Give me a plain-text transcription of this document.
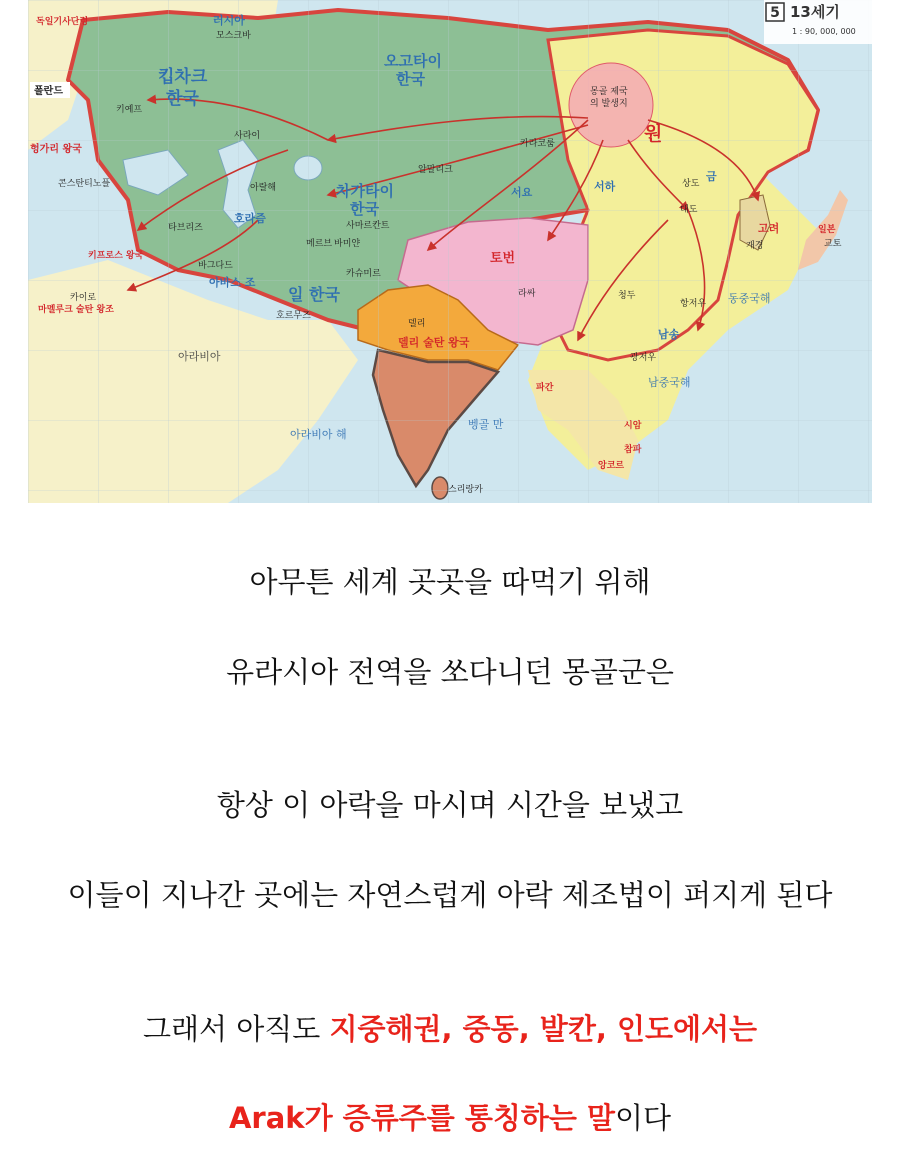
5 13세기
1 : 90, 000, 000
러시아
킵차크
한국
오고타이
한국
차가타이
한국
일 한국
호라즘
아바스 조
서요	서하
금
남송
원
토번
델리 술탄 왕국
고려	일본
헝가리 왕국
키프로스 왕국
마멜루크 술탄 왕조
독일기사단령
시암
참파
앙코르
파간
폴란드
모스크바
키예프
몽골 제국
의 발생지
카라코룸
대도
상도
콘스탄티노플
사라이
아랄해
알말리크
사마르칸트
타브리즈
바그다드
메르브 바미얀
카슈미르
라싸
카이로
호르무즈
델리
개경	교토
항저우
광저우
청두
스리랑카
아라비아
아라비아 해
벵골 만
동중국해
남중국해
아무튼 세계 곳곳을 따먹기 위해
유라시아 전역을 쏘다니던 몽골군은
항상 이 아락을 마시며 시간을 보냈고
이들이 지나간 곳에는 자연스럽게 아락 제조법이 퍼지게 된다
그래서 아직도 지중해권, 중동, 발칸, 인도에서는
Arak가 증류주를 통칭하는 말이다
